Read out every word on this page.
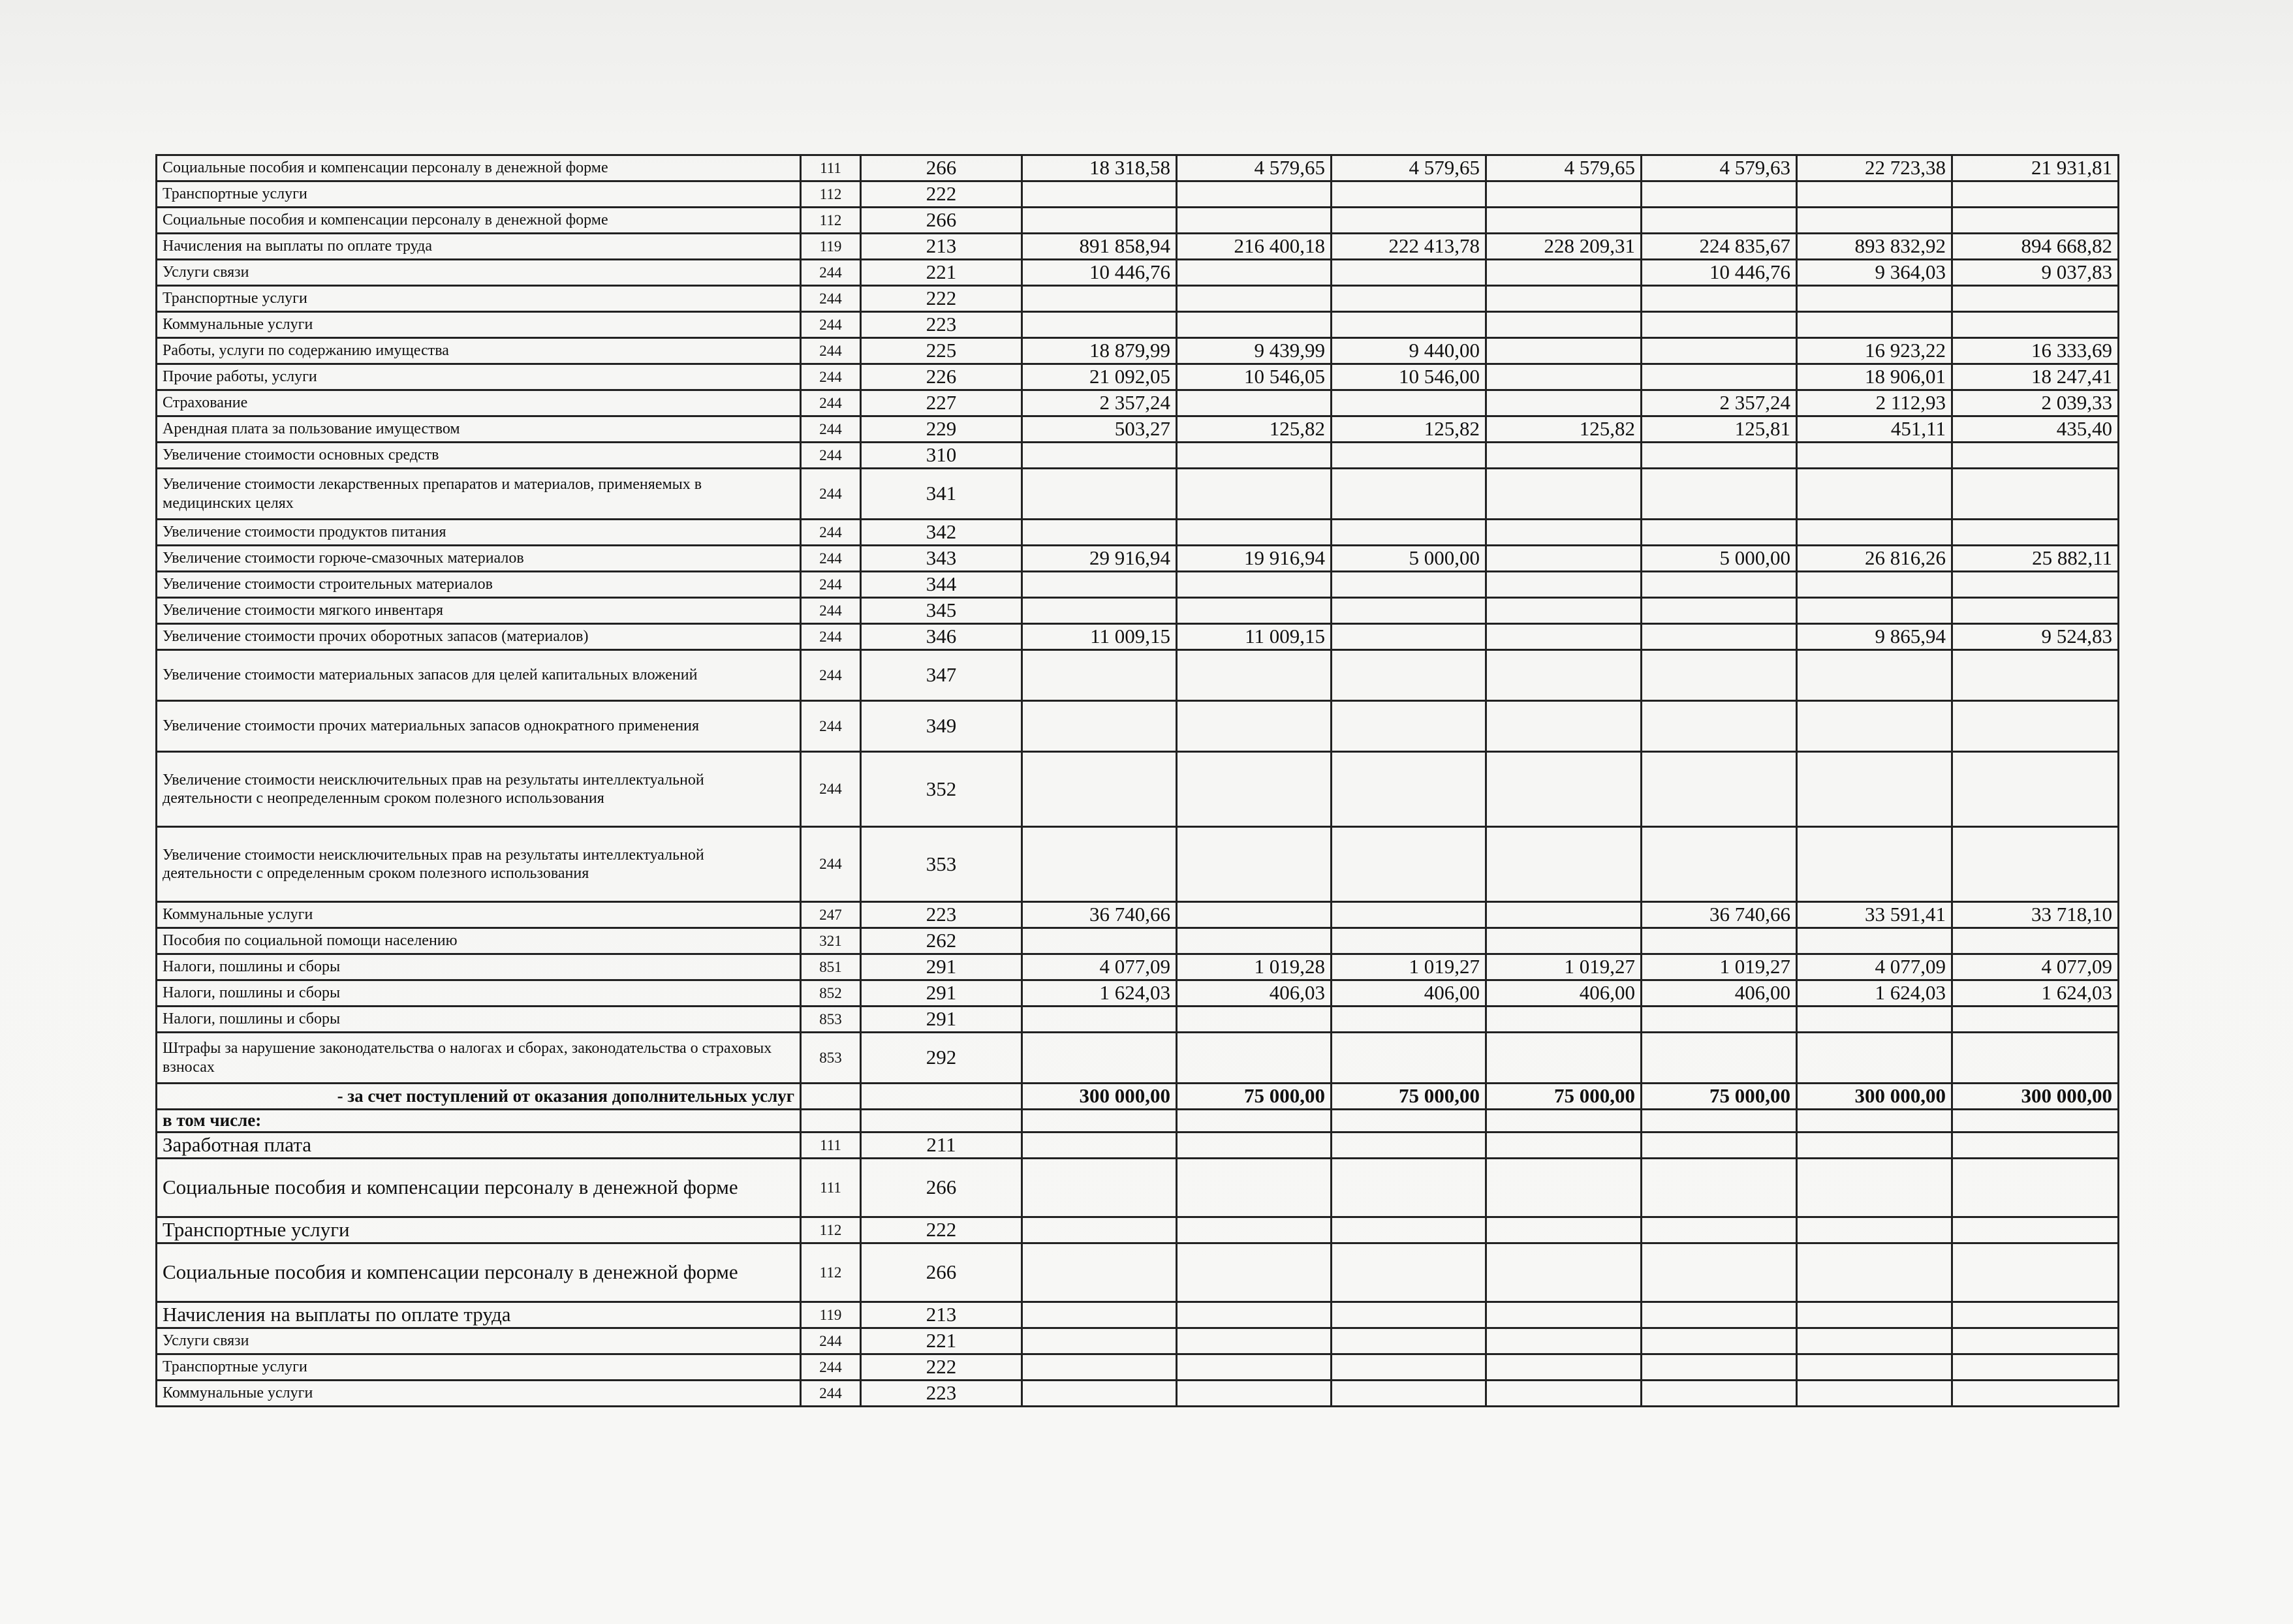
Социальные пособия и компенсации персоналу в денежной форме	111	266	18 318,58	4 579,65	4 579,65	4 579,65	4 579,63	22 723,38	21 931,81
Транспортные услуги	112	222							
Социальные пособия и компенсации персоналу в денежной форме	112	266							
Начисления на выплаты по оплате труда	119	213	891 858,94	216 400,18	222 413,78	228 209,31	224 835,67	893 832,92	894 668,82
Услуги связи	244	221	10 446,76				10 446,76	9 364,03	9 037,83
Транспортные услуги	244	222							
Коммунальные услуги	244	223							
Работы, услуги по содержанию имущества	244	225	18 879,99	9 439,99	9 440,00			16 923,22	16 333,69
Прочие работы, услуги	244	226	21 092,05	10 546,05	10 546,00			18 906,01	18 247,41
Страхование	244	227	2 357,24				2 357,24	2 112,93	2 039,33
Арендная плата за пользование имуществом	244	229	503,27	125,82	125,82	125,82	125,81	451,11	435,40
Увеличение стоимости основных средств	244	310							
Увеличение стоимости лекарственных препаратов и материалов, применяемых в медицинских целях	244	341							
Увеличение стоимости продуктов питания	244	342							
Увеличение стоимости горюче-смазочных материалов	244	343	29 916,94	19 916,94	5 000,00		5 000,00	26 816,26	25 882,11
Увеличение стоимости строительных материалов	244	344							
Увеличение стоимости мягкого инвентаря	244	345							
Увеличение стоимости прочих оборотных запасов (материалов)	244	346	11 009,15	11 009,15				9 865,94	9 524,83
Увеличение стоимости материальных запасов для целей капитальных вложений	244	347							
Увеличение стоимости прочих материальных запасов однократного применения	244	349							
Увеличение стоимости неисключительных прав на результаты интеллектуальной деятельности с неопределенным сроком полезного использования	244	352							
Увеличение стоимости неисключительных прав на результаты интеллектуальной деятельности с определенным сроком полезного использования	244	353							
Коммунальные услуги	247	223	36 740,66				36 740,66	33 591,41	33 718,10
Пособия по социальной помощи населению	321	262							
Налоги, пошлины и сборы	851	291	4 077,09	1 019,28	1 019,27	1 019,27	1 019,27	4 077,09	4 077,09
Налоги, пошлины и сборы	852	291	1 624,03	406,03	406,00	406,00	406,00	1 624,03	1 624,03
Налоги, пошлины и сборы	853	291							
Штрафы за нарушение законодательства о налогах и сборах, законодательства о страховых взносах	853	292							
- за счет поступлений от оказания дополнительных услуг			300 000,00	75 000,00	75 000,00	75 000,00	75 000,00	300 000,00	300 000,00
в том числе:									
Заработная плата	111	211							
Социальные пособия и компенсации персоналу в денежной форме	111	266							
Транспортные услуги	112	222							
Социальные пособия и компенсации персоналу в денежной форме	112	266							
Начисления на выплаты по оплате труда	119	213							
Услуги связи	244	221							
Транспортные услуги	244	222							
Коммунальные услуги	244	223							
